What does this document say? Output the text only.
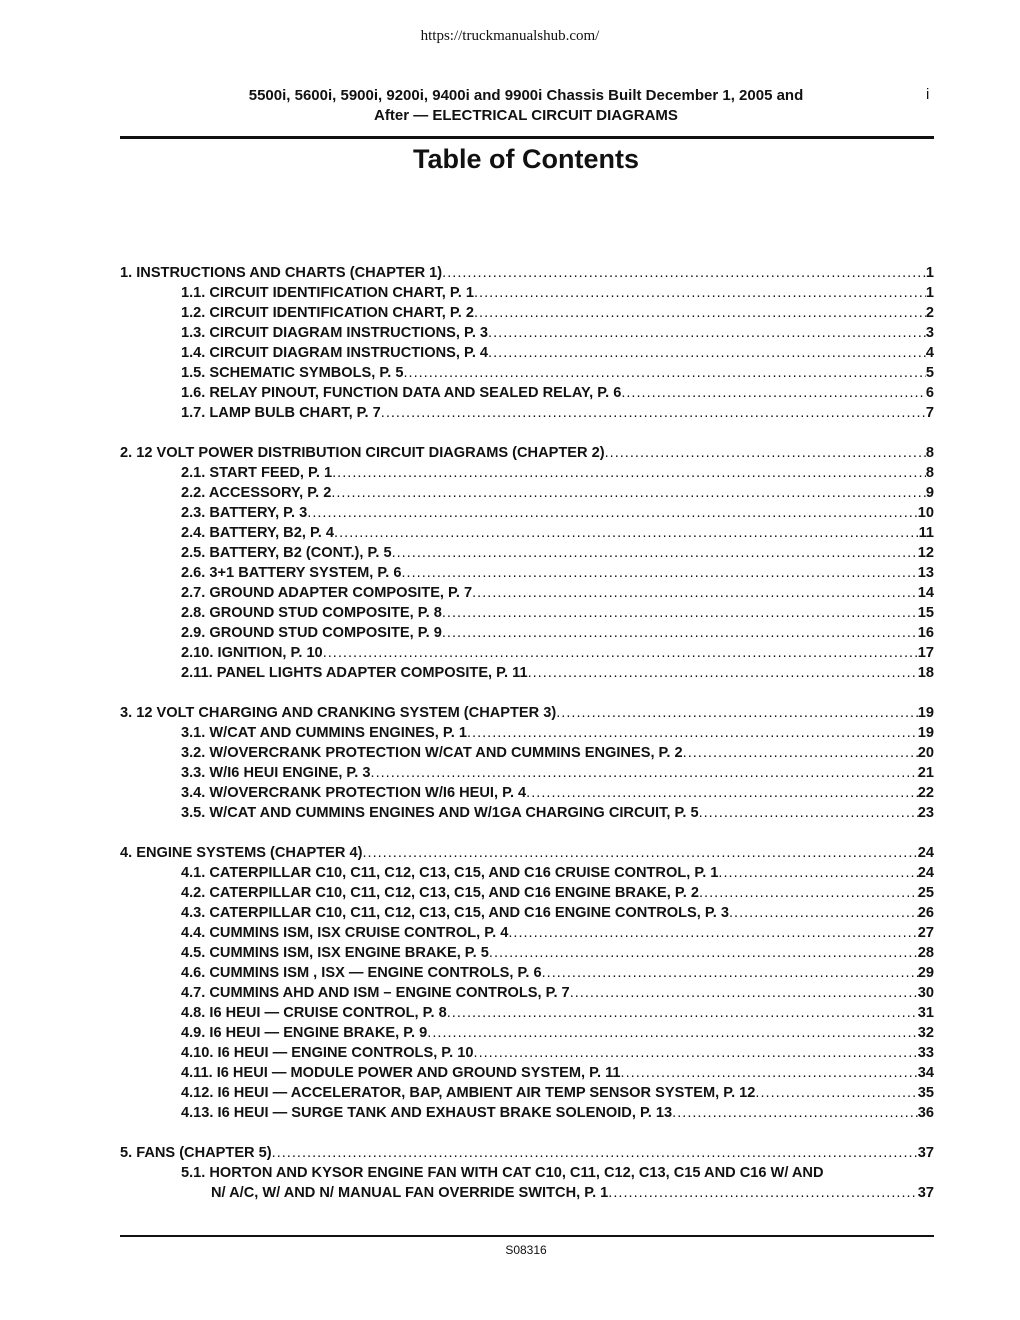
https://truckmanualshub.com/
5500i, 5600i, 5900i, 9200i, 9400i and 9900i Chassis Built December 1, 2005 and
After — ELECTRICAL CIRCUIT DIAGRAMS
i
Table of Contents
1. INSTRUCTIONS AND CHARTS (CHAPTER 1) .....	1
1.1. CIRCUIT IDENTIFICATION CHART, P. 1 .....	1
1.2. CIRCUIT IDENTIFICATION CHART, P. 2 .....	2
1.3. CIRCUIT DIAGRAM INSTRUCTIONS, P. 3 .....	3
1.4. CIRCUIT DIAGRAM INSTRUCTIONS, P. 4 .....	4
1.5. SCHEMATIC SYMBOLS, P. 5 .....	5
1.6. RELAY PINOUT, FUNCTION DATA AND SEALED RELAY, P. 6 .....	6
1.7. LAMP BULB CHART, P. 7 .....	7
2. 12 VOLT POWER DISTRIBUTION CIRCUIT DIAGRAMS (CHAPTER 2) .....	8
2.1. START FEED, P. 1 .....	8
2.2. ACCESSORY, P. 2 .....	9
2.3. BATTERY, P. 3 .....	10
2.4. BATTERY, B2, P. 4 .....	11
2.5. BATTERY, B2 (CONT.), P. 5 .....	12
2.6. 3+1 BATTERY SYSTEM, P. 6 .....	13
2.7. GROUND ADAPTER COMPOSITE, P. 7 .....	14
2.8. GROUND STUD COMPOSITE, P. 8 .....	15
2.9. GROUND STUD COMPOSITE, P. 9 .....	16
2.10. IGNITION, P. 10 .....	17
2.11. PANEL LIGHTS ADAPTER COMPOSITE, P. 11 .....	18
3. 12 VOLT CHARGING AND CRANKING SYSTEM (CHAPTER 3) .....	19
3.1. W/CAT AND CUMMINS ENGINES, P. 1 .....	19
3.2. W/OVERCRANK PROTECTION W/CAT AND CUMMINS ENGINES, P. 2 .....	20
3.3. W/I6 HEUI ENGINE, P. 3 .....	21
3.4. W/OVERCRANK PROTECTION W/I6 HEUI, P. 4 .....	22
3.5. W/CAT AND CUMMINS ENGINES AND W/1GA CHARGING CIRCUIT, P. 5 .....	23
4. ENGINE SYSTEMS (CHAPTER 4) .....	24
4.1. CATERPILLAR C10, C11, C12, C13, C15, AND C16 CRUISE CONTROL, P. 1 .....	24
4.2. CATERPILLAR C10, C11, C12, C13, C15, AND C16 ENGINE BRAKE, P. 2 .....	25
4.3. CATERPILLAR C10, C11, C12, C13, C15, AND C16 ENGINE CONTROLS, P. 3 .....	26
4.4. CUMMINS ISM, ISX CRUISE CONTROL, P. 4 .....	27
4.5. CUMMINS ISM, ISX ENGINE BRAKE, P. 5 .....	28
4.6. CUMMINS ISM , ISX — ENGINE CONTROLS, P. 6 .....	29
4.7. CUMMINS AHD AND ISM – ENGINE CONTROLS, P. 7 .....	30
4.8. I6 HEUI — CRUISE CONTROL, P. 8 .....	31
4.9. I6 HEUI — ENGINE BRAKE, P. 9 .....	32
4.10. I6 HEUI — ENGINE CONTROLS, P. 10 .....	33
4.11. I6 HEUI — MODULE POWER AND GROUND SYSTEM, P. 11 .....	34
4.12. I6 HEUI — ACCELERATOR, BAP, AMBIENT AIR TEMP SENSOR SYSTEM, P. 12 .....	35
4.13. I6 HEUI — SURGE TANK AND EXHAUST BRAKE SOLENOID, P. 13 .....	36
5. FANS (CHAPTER 5) .....	37
5.1. HORTON AND KYSOR ENGINE FAN WITH CAT C10, C11, C12, C13, C15 AND C16 W/ AND
N/ A/C, W/ AND N/ MANUAL FAN OVERRIDE SWITCH, P. 1 .....	37
S08316
